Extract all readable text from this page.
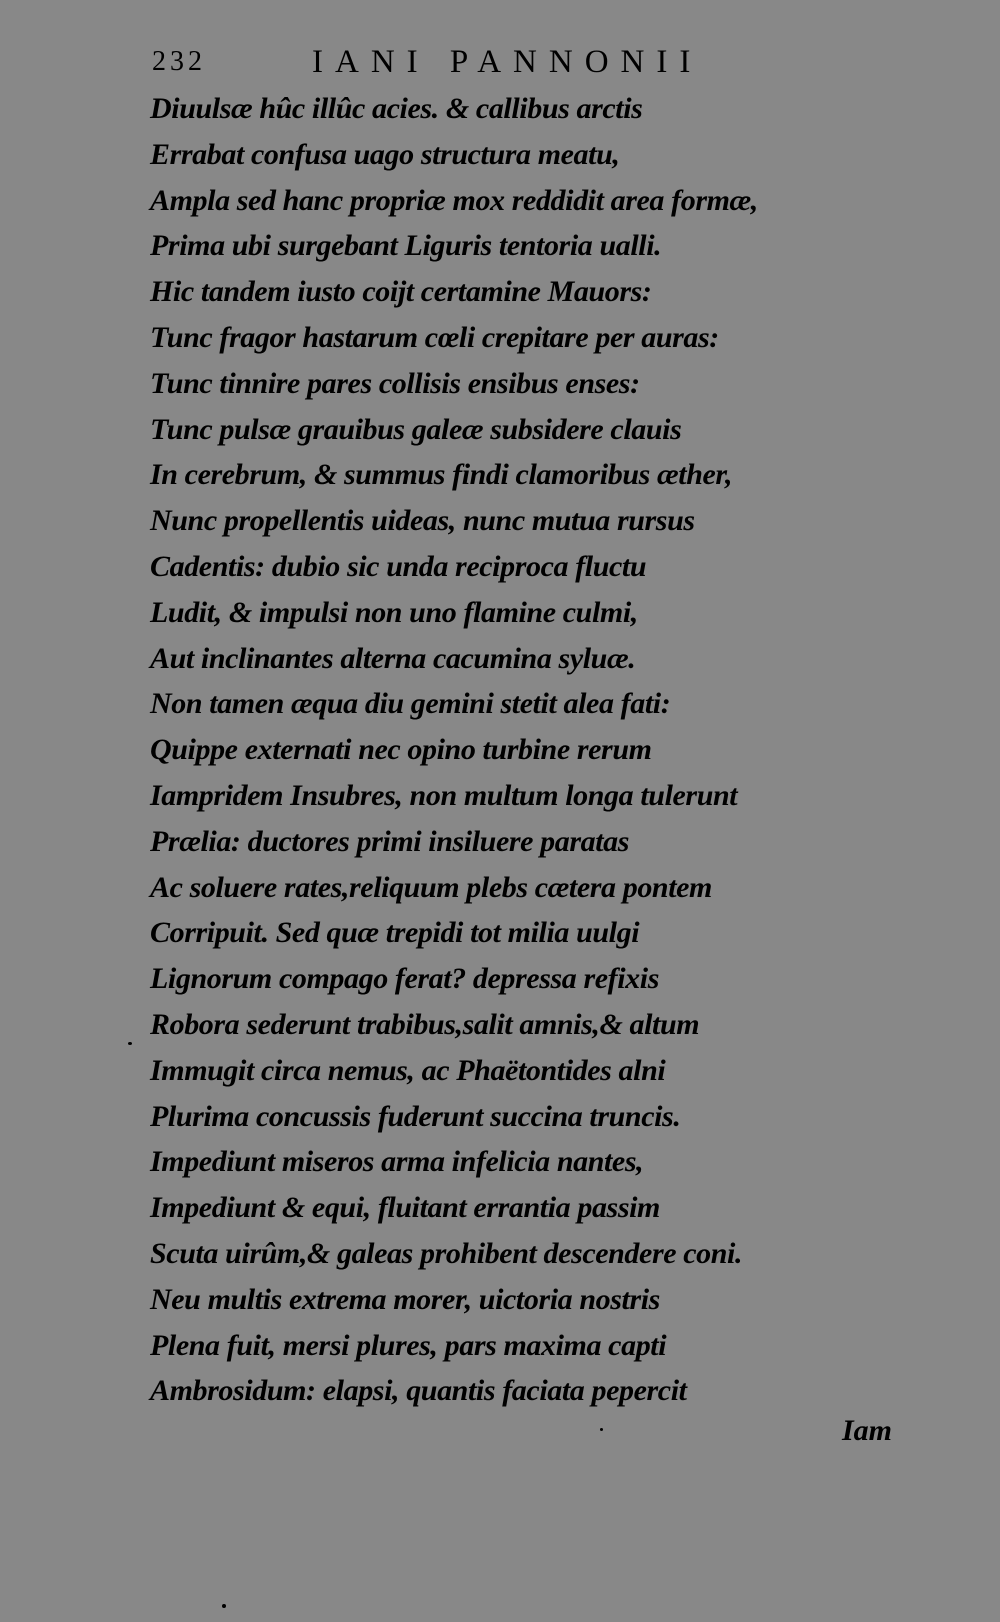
232	IANI PANNONII
Diuulsæ hûc illûc acies. & callibus arctis
Errabat confusa uago structura meatu,
Ampla sed hanc propriæ mox reddidit area formæ,
Prima ubi surgebant Liguris tentoria ualli.
Hic tandem iusto coijt certamine Mauors:
Tunc fragor hastarum cœli crepitare per auras:
Tunc tinnire pares collisis ensibus enses:
Tunc pulsæ grauibus galeæ subsidere clauis
In cerebrum, & summus findi clamoribus æther,
Nunc propellentis uideas, nunc mutua rursus
Cadentis: dubio sic unda reciproca fluctu
Ludit, & impulsi non uno flamine culmi,
Aut inclinantes alterna cacumina syluæ.
Non tamen æqua diu gemini stetit alea fati:
Quippe externati nec opino turbine rerum
Iampridem Insubres, non multum longa tulerunt
Prælia: ductores primi insiluere paratas
Ac soluere rates,reliquum plebs cætera pontem
Corripuit. Sed quæ trepidi tot milia uulgi
Lignorum compago ferat? depressa refixis
Robora sederunt trabibus,salit amnis,& altum
Immugit circa nemus, ac Phaëtontides alni
Plurima concussis fuderunt succina truncis.
Impediunt miseros arma infelicia nantes,
Impediunt & equi, fluitant errantia passim
Scuta uirûm,& galeas prohibent descendere coni.
Neu multis extrema morer, uictoria nostris
Plena fuit, mersi plures, pars maxima capti
Ambrosidum: elapsi, quantis faciata pepercit
Iam
